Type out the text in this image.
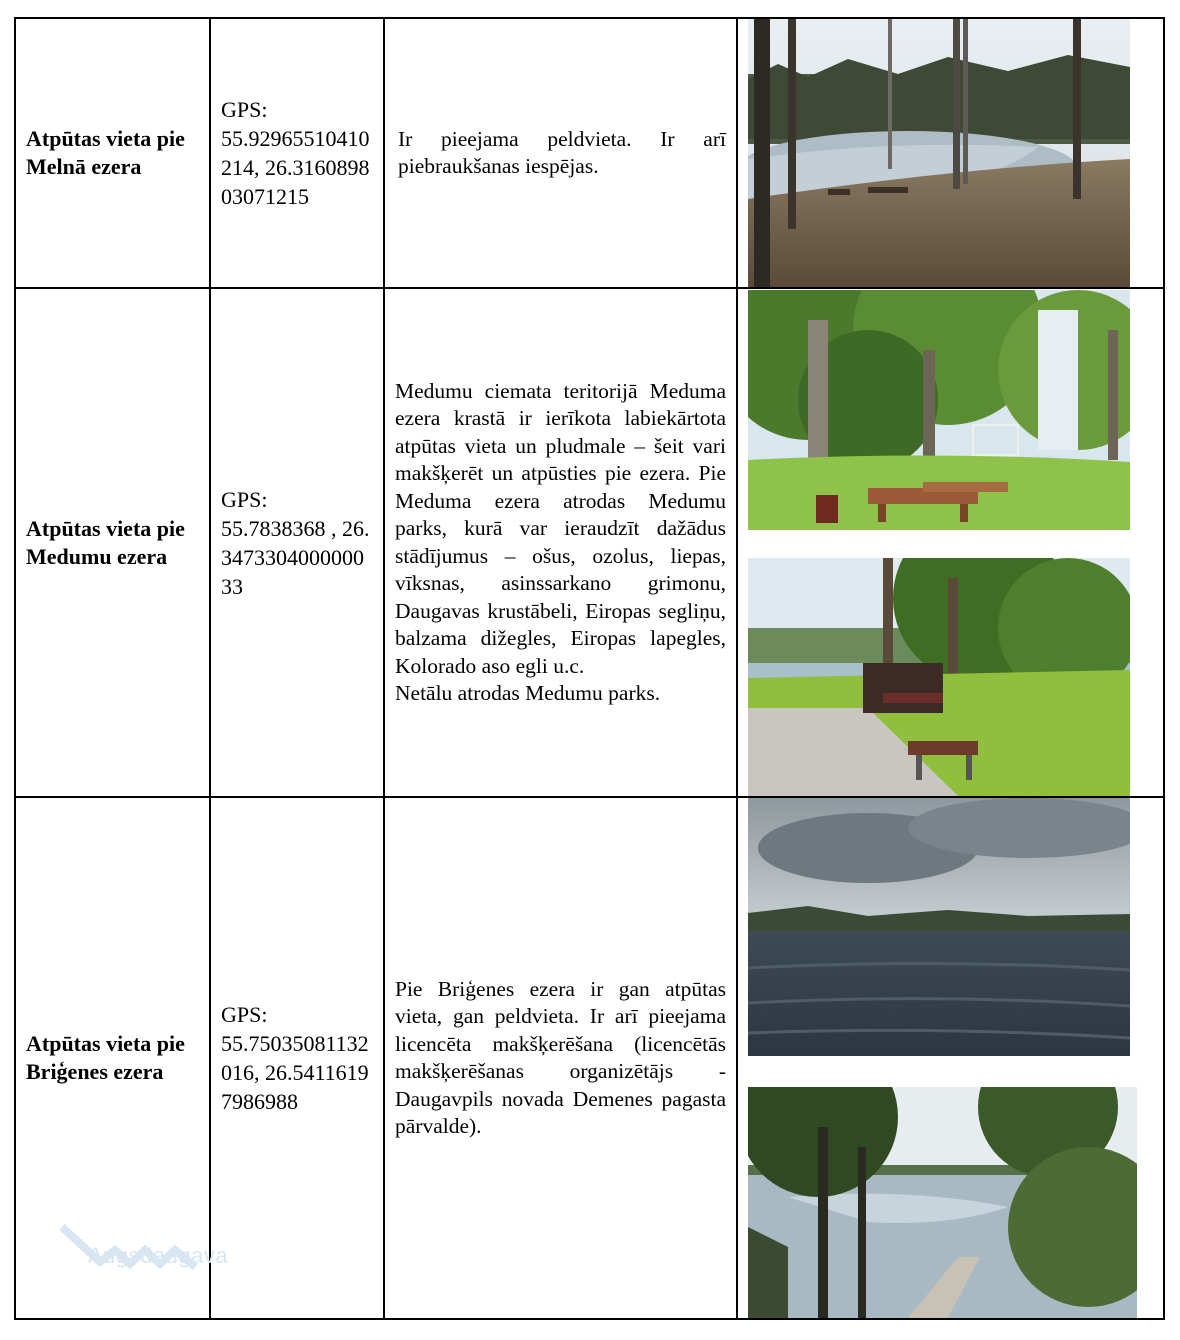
Atpūtas vieta pie Melnā ezera
GPS:
55.92965510410214, 26.316089803071215
Ir pieejama peldvieta. Ir arī piebraukšanas iespējas.
Atpūtas vieta pie Medumu ezera
GPS:
55.7838368 , 26.347330400000033
Medumu ciemata teritorijā Meduma ezera krastā ir ierīkota labiekārtota atpūtas vieta un pludmale – šeit vari makšķerēt un atpūsties pie ezera. Pie Meduma ezera atrodas Medumu parks, kurā var ieraudzīt dažādus stādījumus – ošus, ozolus, liepas, vīksnas, asinssarkano grimonu, Daugavas krustābeli, Eiropas segliņu, balzama dižegles, Eiropas lapegles, Kolorado aso egli u.c.
Netālu atrodas Medumu parks.
Atpūtas vieta pie Briģenes ezera
GPS:
55.75035081132016, 26.54116197986988
Pie Briģenes ezera ir gan atpūtas vieta, gan peldvieta. Ir arī pieejama licencēta makšķerēšana (licencētās makšķerēšanas organizētājs - Daugavpils novada Demenes pagasta pārvalde).
Augsdaugava
